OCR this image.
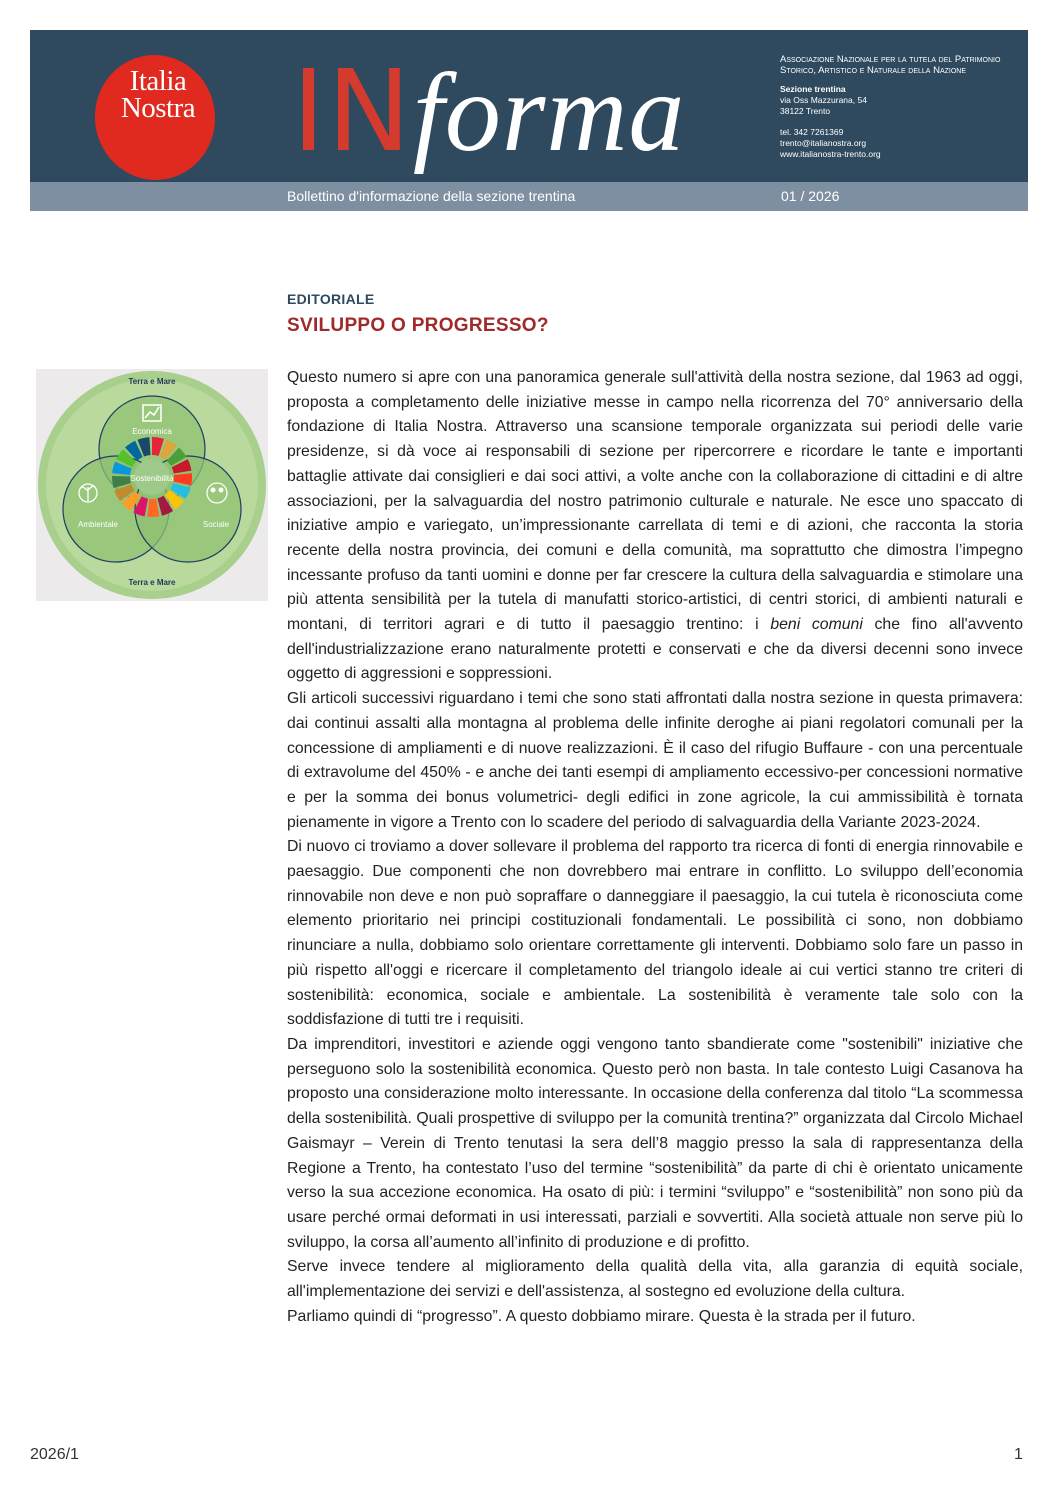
Italia
Nostra INforma	Associazione Nazionale per la tutela del Patrimonio
Storico, Artistico e Naturale della Nazione
Sezione trentina
via Oss Mazzurana, 54
38122 Trento
tel. 342 7261369
trento@italianostra.org
www.italianostra-trento.org
Bollettino d'informazione della sezione trentina	01 / 2026
EDITORIALE
SVILUPPO O PROGRESSO?
Terra e Mare
Terra e Mare
Economica
Sostenibilità
Ambientale	Sociale

Questo numero si apre con una panoramica generale sull'attività della nostra sezione, dal 1963 ad oggi, proposta a completamento delle iniziative messe in campo nella ricorrenza del 70° anniversario della fondazione di Italia Nostra. Attraverso una scansione temporale organizzata sui periodi delle varie presidenze, si dà voce ai responsabili di sezione per ripercorrere e ricordare le tante e importanti battaglie attivate dai consiglieri e dai soci attivi, a volte anche con la collaborazione di cittadini e di altre associazioni, per la salvaguardia del nostro patrimonio culturale e naturale. Ne esce uno spaccato di iniziative ampio e variegato, un’impressionante carrellata di temi e di azioni, che racconta la storia recente della nostra provincia, dei comuni e della comunità, ma soprattutto che dimostra l’impegno incessante profuso da tanti uomini e donne per far crescere la cultura della salvaguardia e stimolare una più attenta sensibilità per la tutela di manufatti storico-artistici, di centri storici, di ambienti naturali e montani, di territori agrari e di tutto il paesaggio trentino: i beni comuni che fino all'avvento dell'industrializzazione erano naturalmente protetti e conservati e che da diversi decenni sono invece oggetto di aggressioni e soppressioni.

Gli articoli successivi riguardano i temi che sono stati affrontati dalla nostra sezione in questa primavera: dai continui assalti alla montagna al problema delle infinite deroghe ai piani regolatori comunali per la concessione di ampliamenti e di nuove realizzazioni. È il caso del rifugio Buffaure - con una percentuale di extravolume del 450% - e anche dei tanti esempi di ampliamento eccessivo-per concessioni normative e per la somma dei bonus volumetrici- degli edifici in zone agricole, la cui ammissibilità è tornata pienamente in vigore a Trento con lo scadere del periodo di salvaguardia della Variante 2023-2024.

Di nuovo ci troviamo a dover sollevare il problema del rapporto tra ricerca di fonti di energia rinnovabile e paesaggio. Due componenti che non dovrebbero mai entrare in conflitto. Lo sviluppo dell’economia rinnovabile non deve e non può sopraffare o danneggiare il paesaggio, la cui tutela è riconosciuta come elemento prioritario nei principi costituzionali fondamentali. Le possibilità ci sono, non dobbiamo rinunciare a nulla, dobbiamo solo orientare correttamente gli interventi. Dobbiamo solo fare un passo in più rispetto all'oggi e ricercare il completamento del triangolo ideale ai cui vertici stanno tre criteri di sostenibilità: economica, sociale e ambientale. La sostenibilità è veramente tale solo con la soddisfazione di tutti tre i requisiti.

Da imprenditori, investitori e aziende oggi vengono tanto sbandierate come "sostenibili" iniziative che perseguono solo la sostenibilità economica. Questo però non basta. In tale contesto Luigi Casanova ha proposto una considerazione molto interessante. In occasione della conferenza dal titolo “La scommessa della sostenibilità. Quali prospettive di sviluppo per la comunità trentina?” organizzata dal Circolo Michael Gaismayr – Verein di Trento tenutasi la sera dell’8 maggio presso la sala di rappresentanza della Regione a Trento, ha contestato l’uso del termine “sostenibilità” da parte di chi è orientato unicamente verso la sua accezione economica. Ha osato di più: i termini “sviluppo” e “sostenibilità” non sono più da usare perché ormai deformati in usi interessati, parziali e sovvertiti. Alla società attuale non serve più lo sviluppo, la corsa all’aumento all’infinito di produzione e di profitto.

Serve invece tendere al miglioramento della qualità della vita, alla garanzia di equità sociale, all'implementazione dei servizi e dell'assistenza, al sostegno ed evoluzione della cultura.

Parliamo quindi di “progresso”. A questo dobbiamo mirare. Questa è la strada per il futuro.

2026/1	1
